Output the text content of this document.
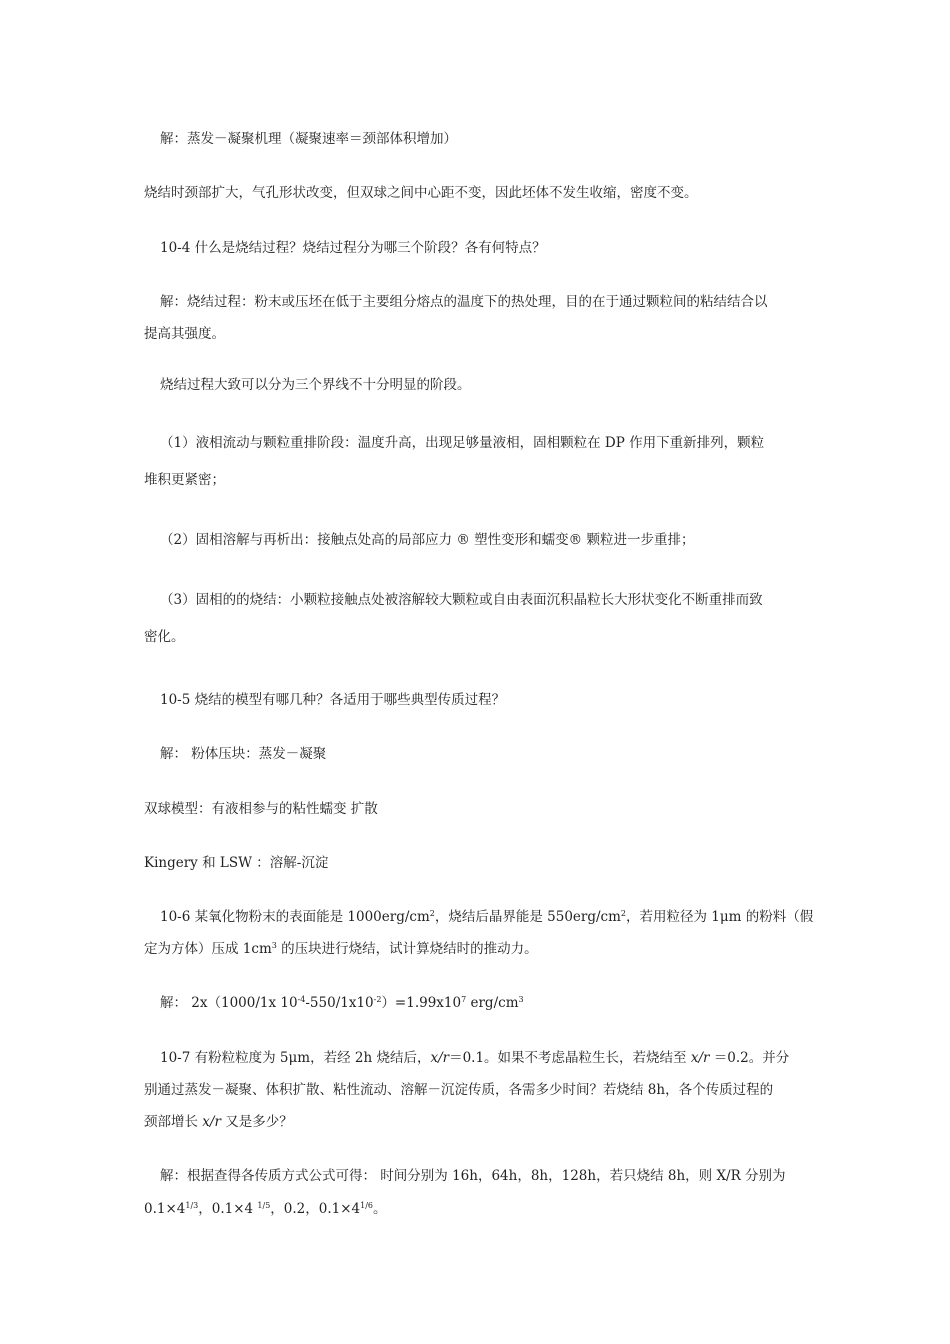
解：蒸发－凝聚机理（凝聚速率＝颈部体积增加）
烧结时颈部扩大，气孔形状改变，但双球之间中心距不变，因此坯体不发生收缩，密度不变。
10-4 什么是烧结过程？烧结过程分为哪三个阶段？各有何特点？
解：烧结过程：粉末或压坯在低于主要组分熔点的温度下的热处理，目的在于通过颗粒间的粘结结合以
提高其强度。
烧结过程大致可以分为三个界线不十分明显的阶段。
（1）液相流动与颗粒重排阶段：温度升高，出现足够量液相，固相颗粒在 DP 作用下重新排列，颗粒
堆积更紧密；
（2）固相溶解与再析出：接触点处高的局部应力 ® 塑性变形和蠕变® 颗粒进一步重排；
（3）固相的的烧结：小颗粒接触点处被溶解较大颗粒或自由表面沉积晶粒长大形状变化不断重排而致
密化。
10-5 烧结的模型有哪几种？各适用于哪些典型传质过程？
解： 粉体压块：蒸发－凝聚
双球模型：有液相参与的粘性蠕变 扩散
Kingery 和 LSW ：溶解-沉淀
10-6 某氧化物粉末的表面能是 $1000erg/cm^2$，烧结后晶界能是 $550erg/cm^2$，若用粒径为 1μm 的粉料（假
定为方体）压成 $1cm^3$ 的压块进行烧结，试计算烧结时的推动力。
解： 2x（1000/1x $10^{-4}-550/1x10^{-2})=1.99x10^7$ erg/$cm^3$
10-7 有粉粒粒度为 5μm，若经 2h 烧结后，x/r＝0.1。如果不考虑晶粒生长，若烧结至 x/r ＝0.2。并分
别通过蒸发－凝聚、体积扩散、粘性流动、溶解－沉淀传质，各需多少时间？若烧结 8h，各个传质过程的
颈部增长 x/r 又是多少？
解：根据查得各传质方式公式可得： 时间分别为 16h，64h，8h，128h，若只烧结 8h，则 X/R 分别为
$0.1\times 4^{1/3}$，0.1×4 $^{1/5}$，0.2，$0.1\times 4^{1/6}$。
